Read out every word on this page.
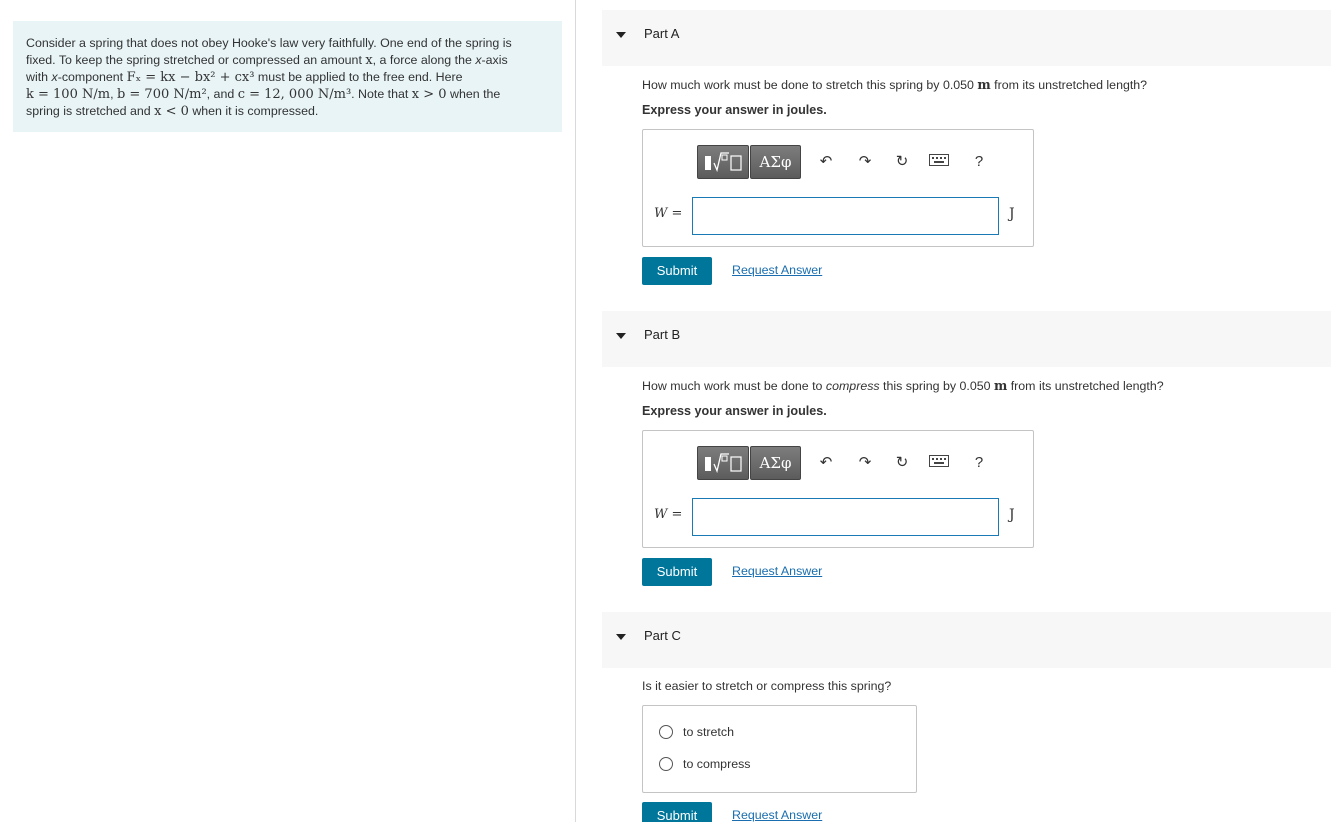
Consider a spring that does not obey Hooke's law very faithfully. One end of the spring is
fixed. To keep the spring stretched or compressed an amount x, a force along the x-axis
with x-component Fₓ = kx − bx² + cx³ must be applied to the free end. Here
k = 100 N/m, b = 700 N/m², and c = 12, 000 N/m³. Note that x > 0 when the
spring is stretched and x < 0 when it is compressed.
Part A
How much work must be done to stretch this spring by 0.050 m from its unstretched length?
Express your answer in joules.
ΑΣφ	↶ ↷ ↻	?
W =	J
Submit	Request Answer
Part B
How much work must be done to compress this spring by 0.050 m from its unstretched length?
Express your answer in joules.
ΑΣφ	↶ ↷ ↻	?
W =	J
Submit	Request Answer
Part C
Is it easier to stretch or compress this spring?
to stretch
to compress
Submit	Request Answer
